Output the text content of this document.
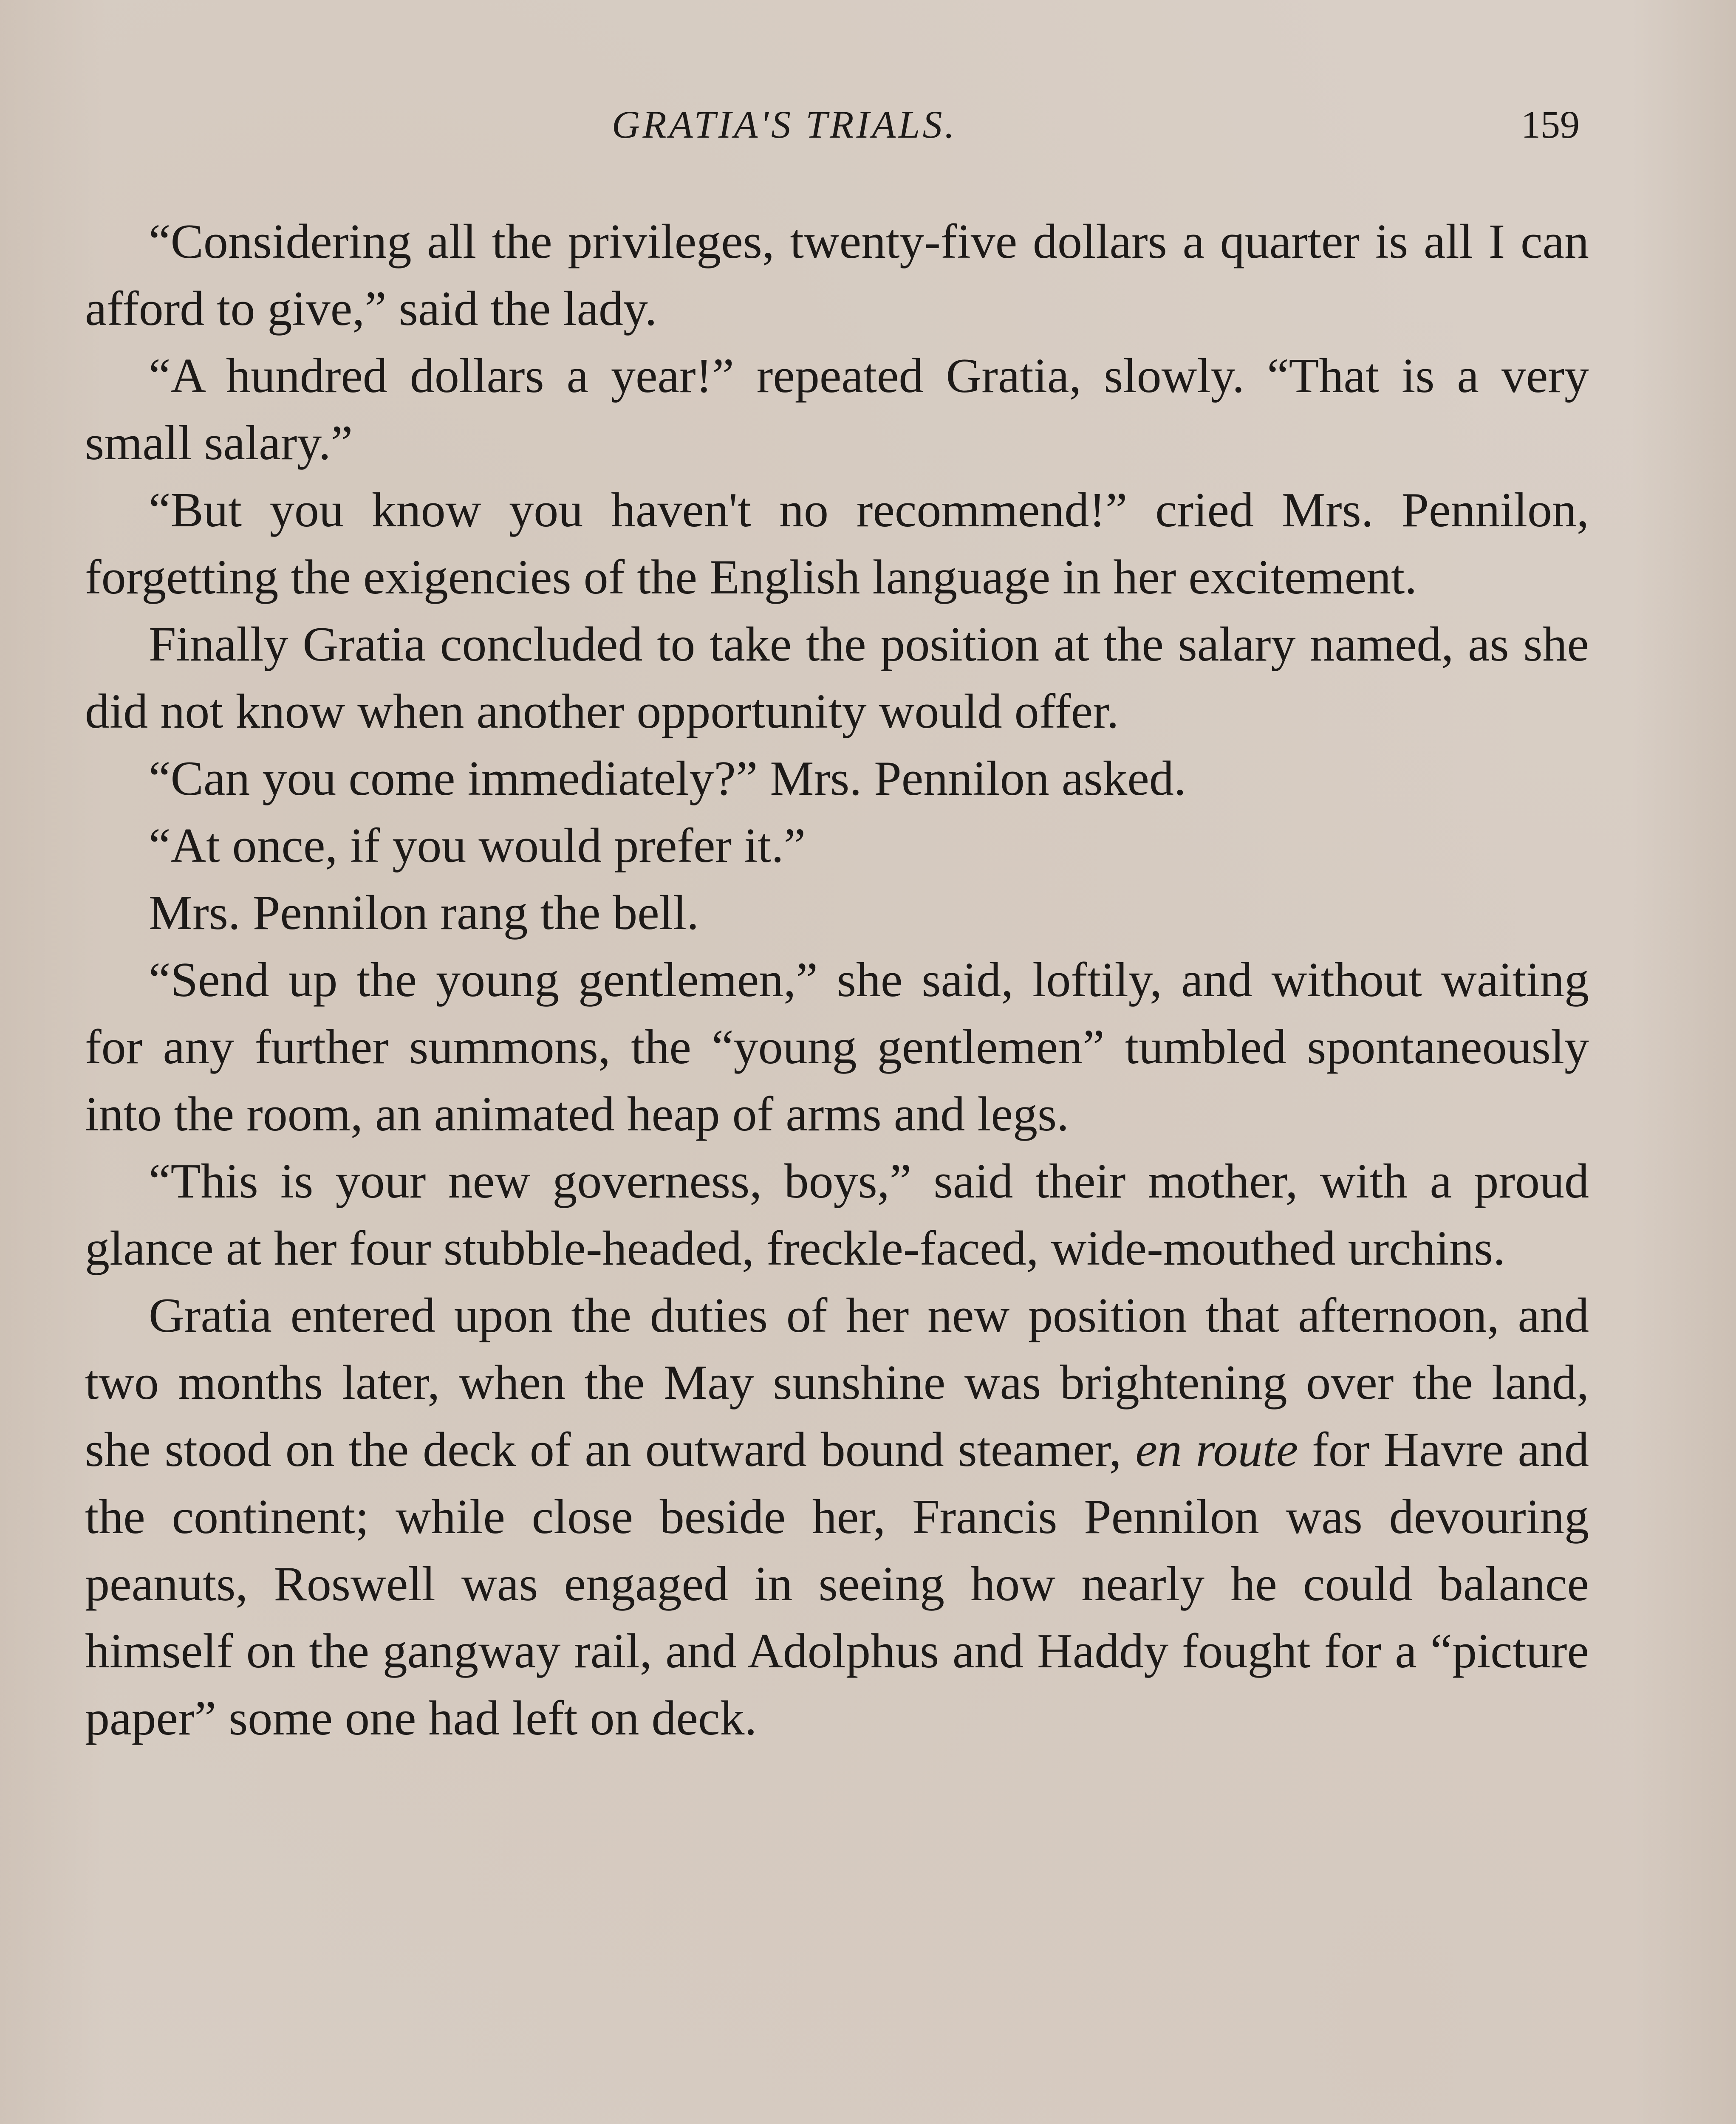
GRATIA'S TRIALS.	159

“Considering all the privileges, twenty-five dollars a quarter is all I can afford to give,” said the lady.

“A hundred dollars a year!” repeated Gratia, slowly. “That is a very small salary.”

“But you know you haven't no recommend!” cried Mrs. Pennilon, forgetting the exigencies of the English language in her excitement.

Finally Gratia concluded to take the position at the salary named, as she did not know when another opportunity would offer.

“Can you come immediately?” Mrs. Pennilon asked.

“At once, if you would prefer it.”

Mrs. Pennilon rang the bell.

“Send up the young gentlemen,” she said, loftily, and without waiting for any further summons, the “young gentlemen” tumbled spontaneously into the room, an animated heap of arms and legs.

“This is your new governess, boys,” said their mother, with a proud glance at her four stubble-headed, freckle-faced, wide-mouthed urchins.

Gratia entered upon the duties of her new position that afternoon, and two months later, when the May sunshine was brightening over the land, she stood on the deck of an outward bound steamer, en route for Havre and the continent; while close beside her, Francis Pennilon was devouring peanuts, Roswell was engaged in seeing how nearly he could balance himself on the gangway rail, and Adolphus and Haddy fought for a “picture paper” some one had left on deck.
